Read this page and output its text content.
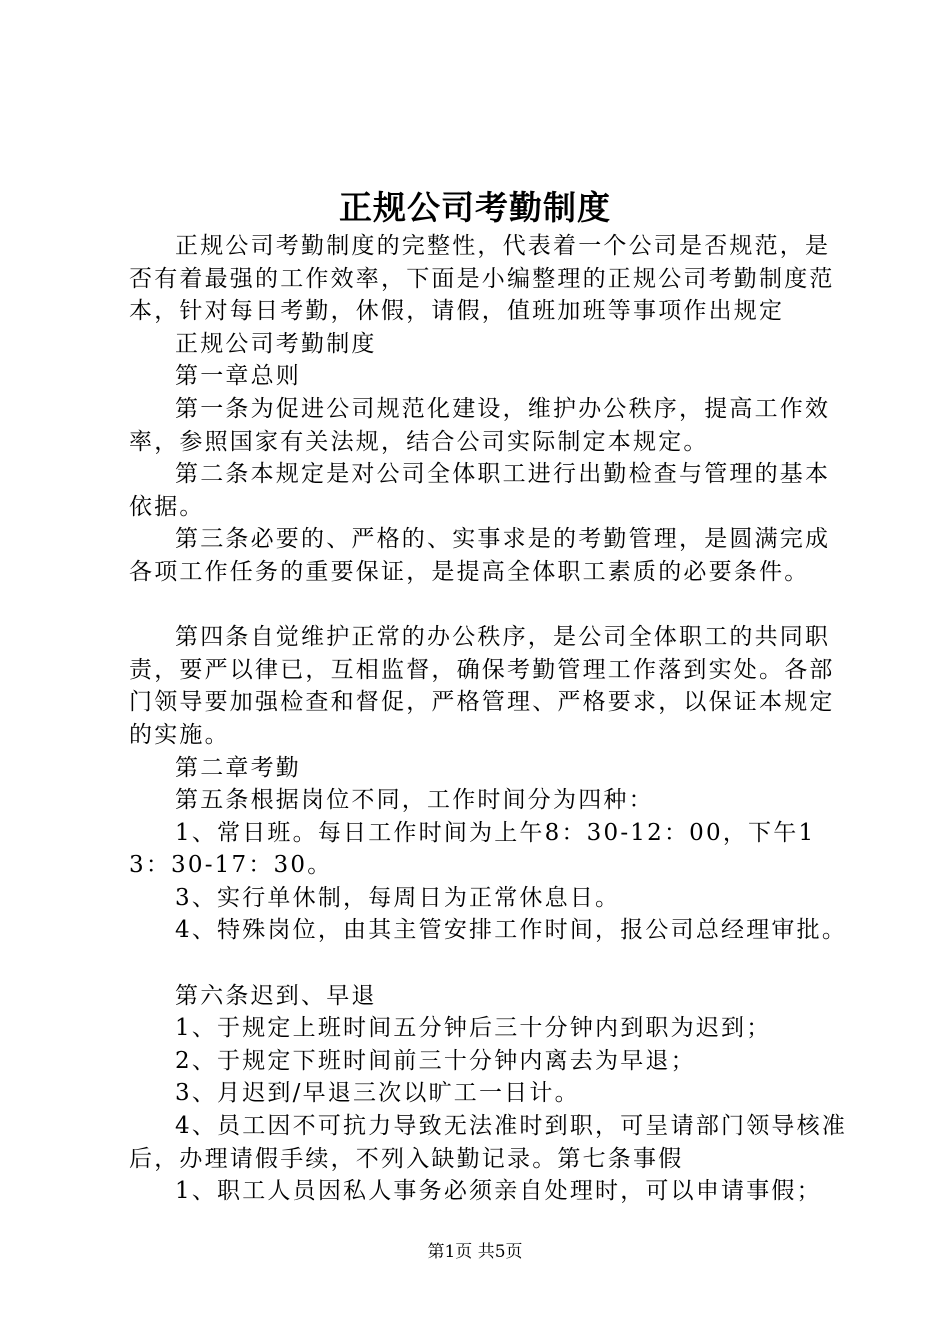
正规公司考勤制度

正规公司考勤制度的完整性，代表着一个公司是否规范，是否有着最强的工作效率，下面是小编整理的正规公司考勤制度范本，针对每日考勤，休假，请假，值班加班等事项作出规定

正规公司考勤制度

第一章总则

第一条为促进公司规范化建设，维护办公秩序，提高工作效率，参照国家有关法规，结合公司实际制定本规定。

第二条本规定是对公司全体职工进行出勤检查与管理的基本依据。

第三条必要的、严格的、实事求是的考勤管理，是圆满完成各项工作任务的重要保证，是提高全体职工素质的必要条件。

第四条自觉维护正常的办公秩序，是公司全体职工的共同职责，要严以律已，互相监督，确保考勤管理工作落到实处。各部门领导要加强检查和督促，严格管理、严格要求，以保证本规定的实施。

第二章考勤

第五条根据岗位不同，工作时间分为四种：

1、常日班。每日工作时间为上午8：30-12：00，下午13：30-17：30。

3、实行单休制，每周日为正常休息日。

4、特殊岗位，由其主管安排工作时间，报公司总经理审批。

第六条迟到、早退

1、于规定上班时间五分钟后三十分钟内到职为迟到；

2、于规定下班时间前三十分钟内离去为早退；

3、月迟到/早退三次以旷工一日计。

4、员工因不可抗力导致无法准时到职，可呈请部门领导核准后，办理请假手续，不列入缺勤记录。第七条事假

1、职工人员因私人事务必须亲自处理时，可以申请事假；

第1页 共5页
